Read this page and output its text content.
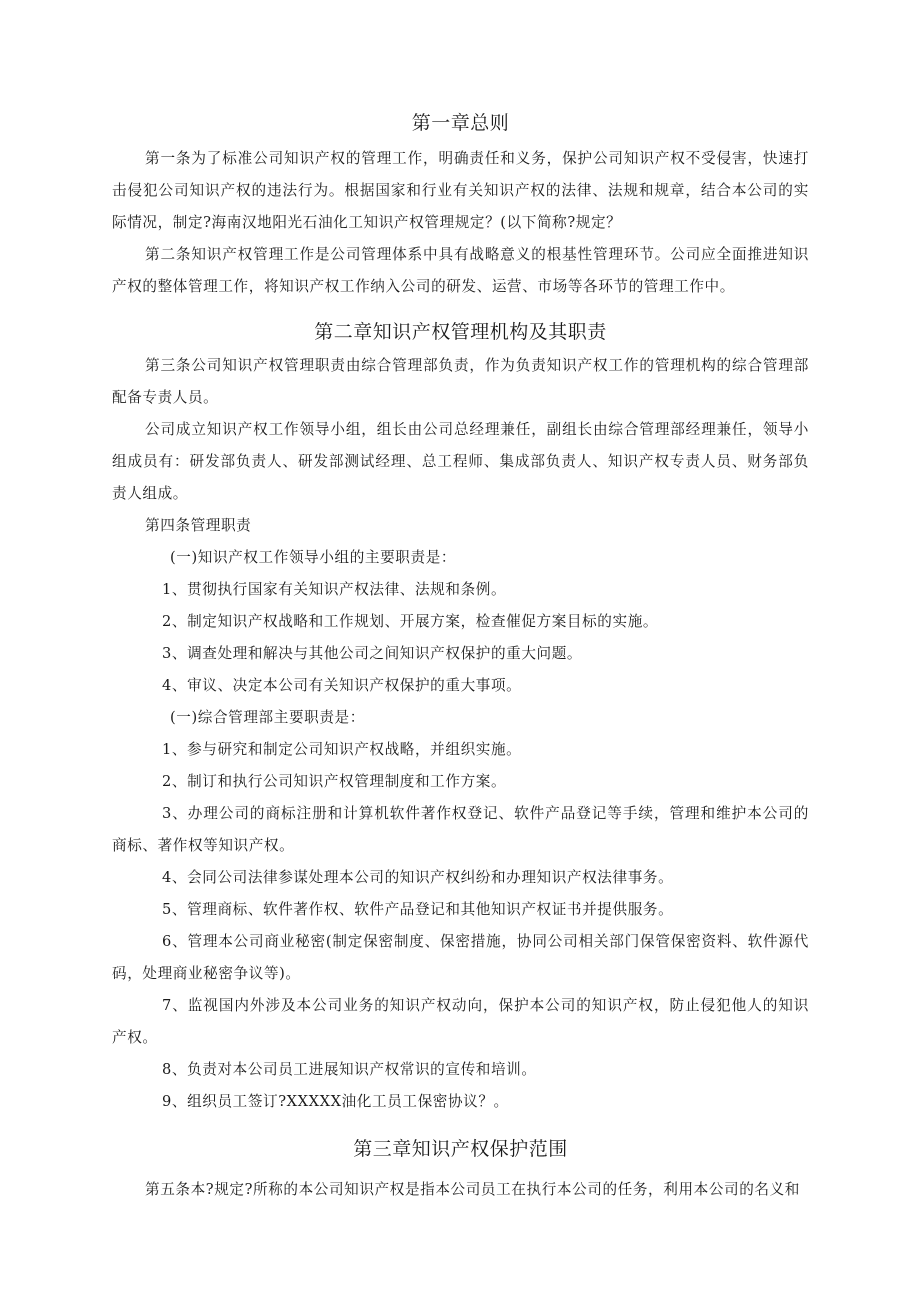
第一章总则

第一条为了标准公司知识产权的管理工作，明确责任和义务，保护公司知识产权不受侵害，快速打击侵犯公司知识产权的违法行为。根据国家和行业有关知识产权的法律、法规和规章，结合本公司的实际情况，制定?海南汉地阳光石油化工知识产权管理规定？(以下简称?规定？

第二条知识产权管理工作是公司管理体系中具有战略意义的根基性管理环节。公司应全面推进知识产权的整体管理工作，将知识产权工作纳入公司的研发、运营、市场等各环节的管理工作中。

第二章知识产权管理机构及其职责

第三条公司知识产权管理职责由综合管理部负责，作为负责知识产权工作的管理机构的综合管理部配备专责人员。

公司成立知识产权工作领导小组，组长由公司总经理兼任，副组长由综合管理部经理兼任，领导小组成员有：研发部负责人、研发部测试经理、总工程师、集成部负责人、知识产权专责人员、财务部负责人组成。

第四条管理职责

(一)知识产权工作领导小组的主要职责是：

1、贯彻执行国家有关知识产权法律、法规和条例。

2、制定知识产权战略和工作规划、开展方案，检查催促方案目标的实施。

3、调查处理和解决与其他公司之间知识产权保护的重大问题。

4、审议、决定本公司有关知识产权保护的重大事项。

(一)综合管理部主要职责是：

1、参与研究和制定公司知识产权战略，并组织实施。

2、制订和执行公司知识产权管理制度和工作方案。

3、办理公司的商标注册和计算机软件著作权登记、软件产品登记等手续，管理和维护本公司的商标、著作权等知识产权。

4、会同公司法律参谋处理本公司的知识产权纠纷和办理知识产权法律事务。

5、管理商标、软件著作权、软件产品登记和其他知识产权证书并提供服务。

6、管理本公司商业秘密(制定保密制度、保密措施，协同公司相关部门保管保密资料、软件源代码，处理商业秘密争议等)。

7、监视国内外涉及本公司业务的知识产权动向，保护本公司的知识产权，防止侵犯他人的知识产权。

8、负责对本公司员工进展知识产权常识的宣传和培训。

9、组织员工签订?XXXXX油化工员工保密协议？。

第三章知识产权保护范围

第五条本?规定?所称的本公司知识产权是指本公司员工在执行本公司的任务，利用本公司的名义和
